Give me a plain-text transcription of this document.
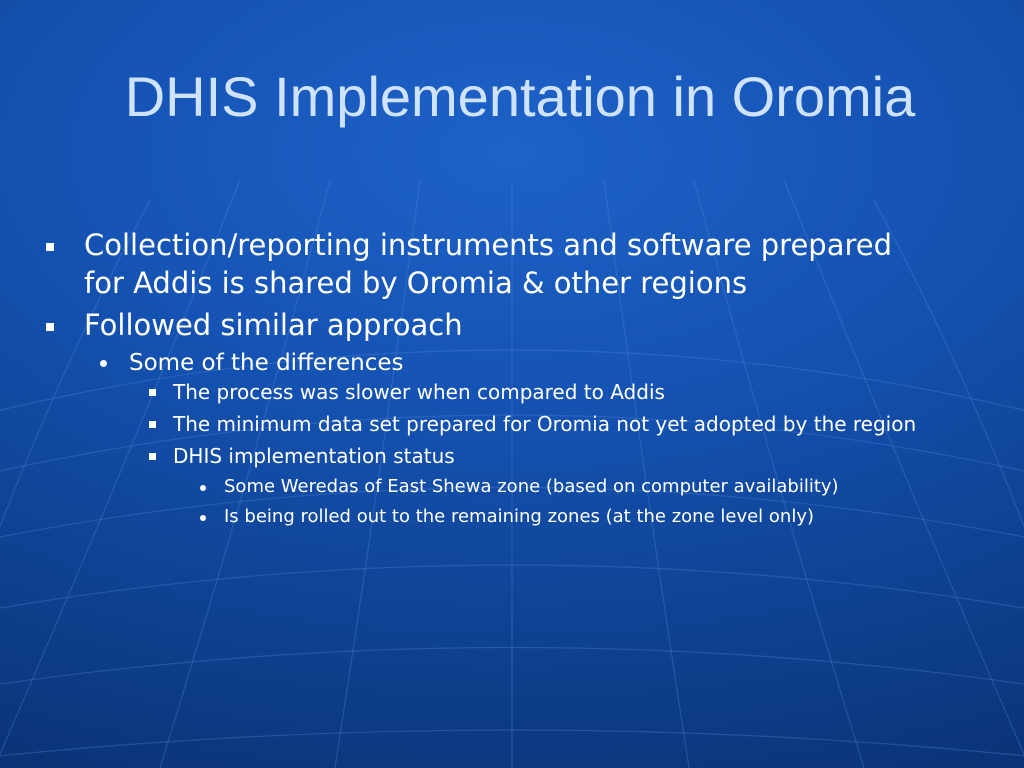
DHIS Implementation in Oromia

Collection/reporting instruments and software prepared for Addis is shared by Oromia & other regions

Followed similar approach

Some of the differences

The process was slower when compared to Addis

The minimum data set prepared for Oromia not yet adopted by the region

DHIS implementation status

Some Weredas of East Shewa zone (based on computer availability)

Is being rolled out to the remaining zones (at the zone level only)
